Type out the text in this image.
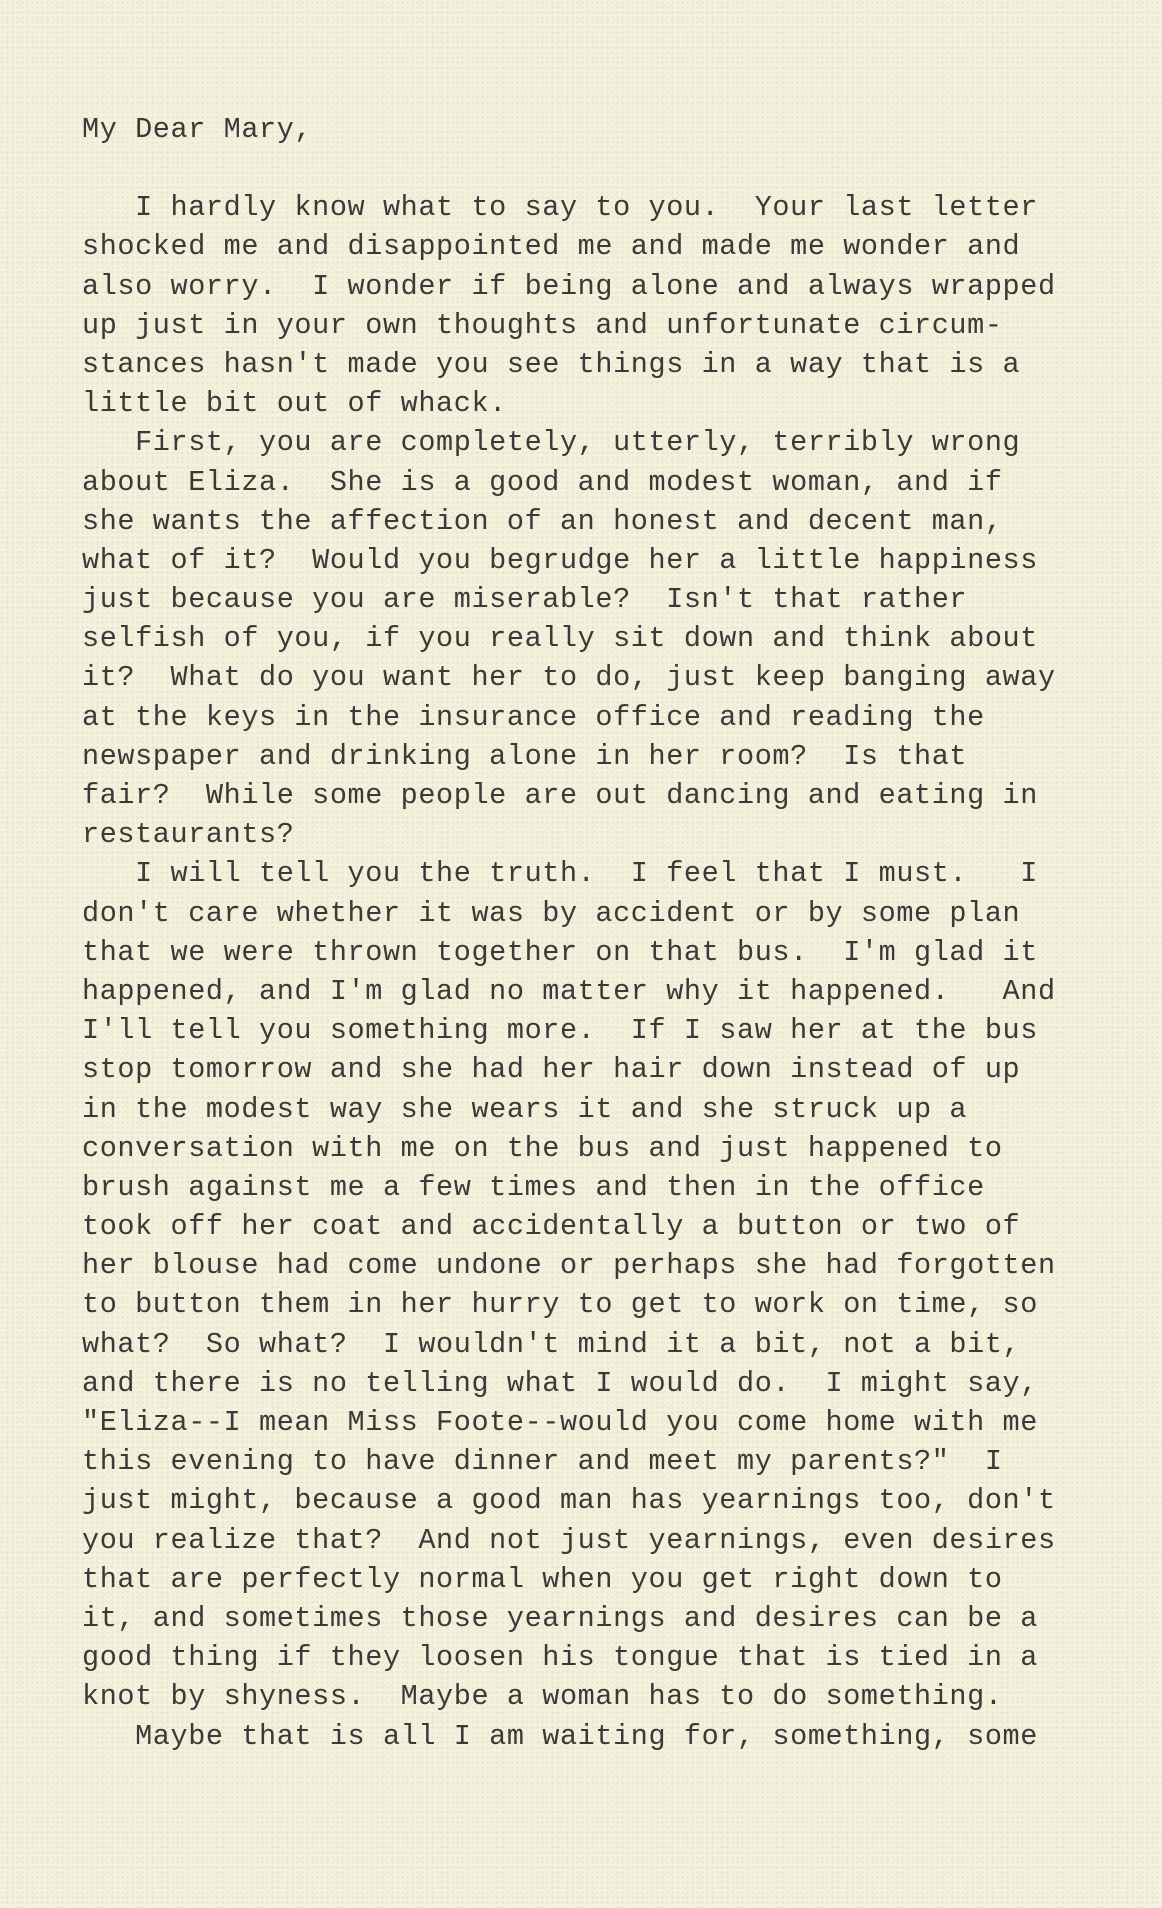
My Dear Mary,
I hardly know what to say to you.  Your last letter
shocked me and disappointed me and made me wonder and
also worry.  I wonder if being alone and always wrapped
up just in your own thoughts and unfortunate circum-
stances hasn't made you see things in a way that is a
little bit out of whack.
First, you are completely, utterly, terribly wrong
about Eliza.  She is a good and modest woman, and if
she wants the affection of an honest and decent man,
what of it?  Would you begrudge her a little happiness
just because you are miserable?  Isn't that rather
selfish of you, if you really sit down and think about
it?  What do you want her to do, just keep banging away
at the keys in the insurance office and reading the
newspaper and drinking alone in her room?  Is that
fair?  While some people are out dancing and eating in
restaurants?
I will tell you the truth.  I feel that I must.   I
don't care whether it was by accident or by some plan
that we were thrown together on that bus.  I'm glad it
happened, and I'm glad no matter why it happened.   And
I'll tell you something more.  If I saw her at the bus
stop tomorrow and she had her hair down instead of up
in the modest way she wears it and she struck up a
conversation with me on the bus and just happened to
brush against me a few times and then in the office
took off her coat and accidentally a button or two of
her blouse had come undone or perhaps she had forgotten
to button them in her hurry to get to work on time, so
what?  So what?  I wouldn't mind it a bit, not a bit,
and there is no telling what I would do.  I might say,
"Eliza--I mean Miss Foote--would you come home with me
this evening to have dinner and meet my parents?"  I
just might, because a good man has yearnings too, don't
you realize that?  And not just yearnings, even desires
that are perfectly normal when you get right down to
it, and sometimes those yearnings and desires can be a
good thing if they loosen his tongue that is tied in a
knot by shyness.  Maybe a woman has to do something.
Maybe that is all I am waiting for, something, some
